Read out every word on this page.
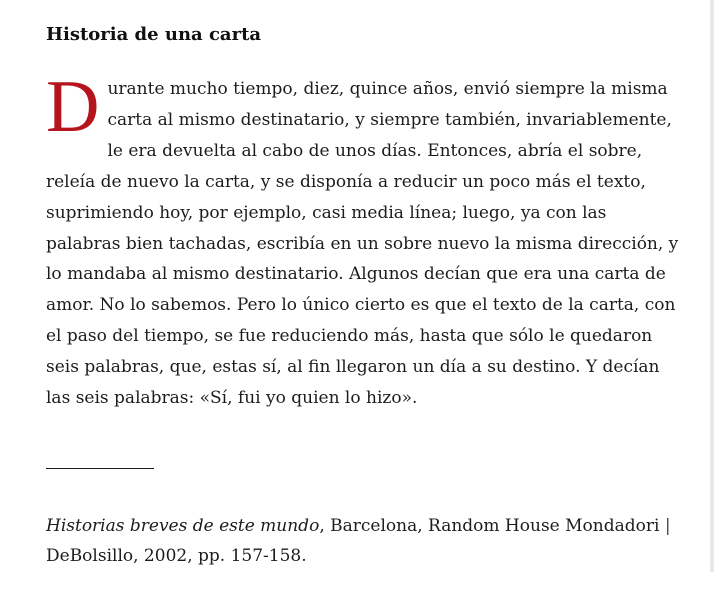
Historia de una carta

Durante mucho tiempo, diez, quince años, envió siempre la misma carta al mismo destinatario, y siempre también, invariablemente, le era devuelta al cabo de unos días. Entonces, abría el sobre, releía de nuevo la carta, y se disponía a reducir un poco más el texto, suprimiendo hoy, por ejemplo, casi media línea; luego, ya con las palabras bien tachadas, escribía en un sobre nuevo la misma dirección, y lo mandaba al mismo destinatario. Algunos decían que era una carta de amor. No lo sabemos. Pero lo único cierto es que el texto de la carta, con el paso del tiempo, se fue reduciendo más, hasta que sólo le quedaron seis palabras, que, estas sí, al fin llegaron un día a su destino. Y decían las seis palabras: «Sí, fui yo quien lo hizo».

Historias breves de este mundo, Barcelona, Random House Mondadori | DeBolsillo, 2002, pp. 157-158.
